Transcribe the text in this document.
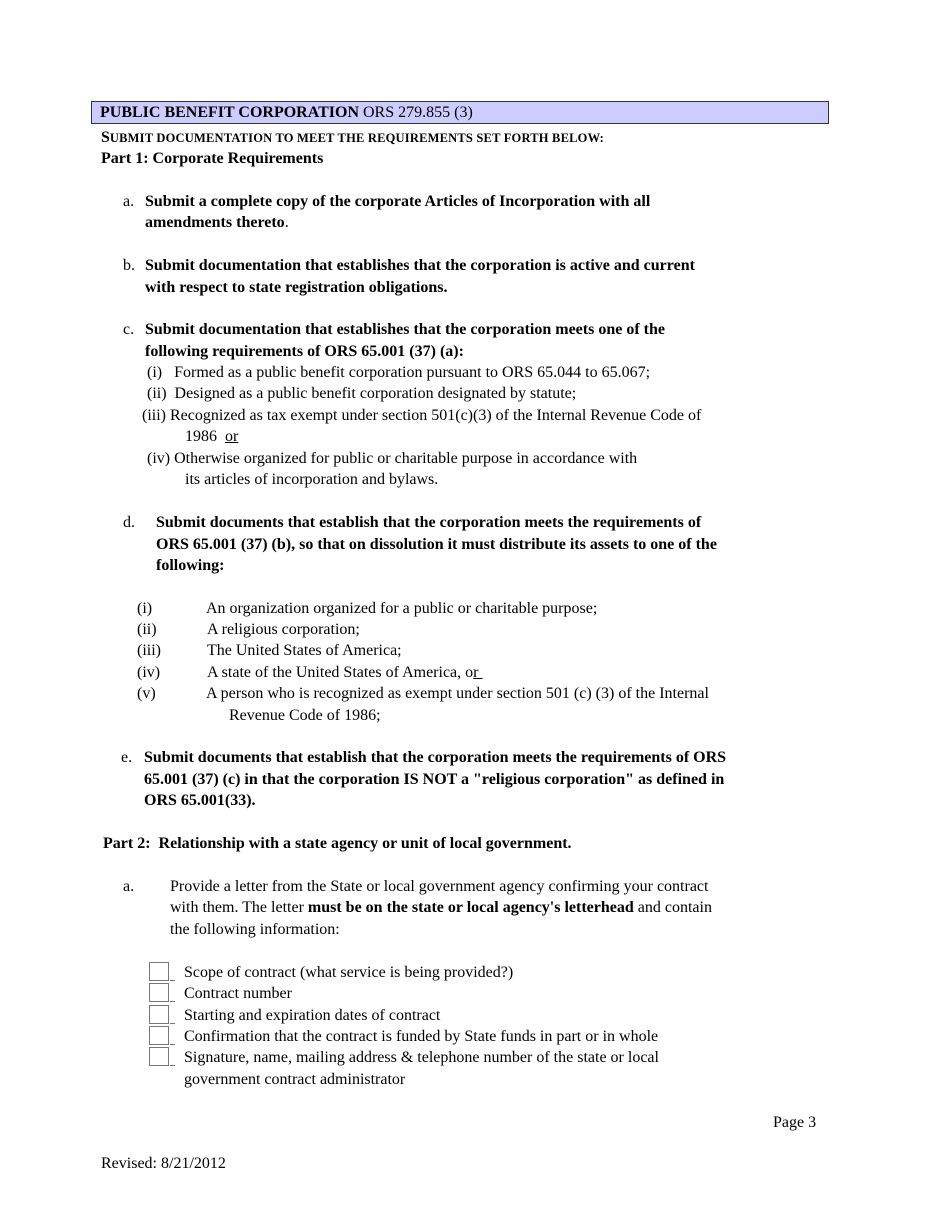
PUBLIC BENEFIT CORPORATION ORS 279.855 (3)
SUBMIT DOCUMENTATION TO MEET THE REQUIREMENTS SET FORTH BELOW:
Part 1: Corporate Requirements
a. Submit a complete copy of the corporate Articles of Incorporation with all
amendments thereto.
b. Submit documentation that establishes that the corporation is active and current
with respect to state registration obligations.
c. Submit documentation that establishes that the corporation meets one of the
following requirements of ORS 65.001 (37) (a):
(i)   Formed as a public benefit corporation pursuant to ORS 65.044 to 65.067;
(ii)  Designed as a public benefit corporation designated by statute;
(iii) Recognized as tax exempt under section 501(c)(3) of the Internal Revenue Code of
1986 or
(iv) Otherwise organized for public or charitable purpose in accordance with
its articles of incorporation and bylaws.
d. Submit documents that establish that the corporation meets the requirements of
ORS 65.001 (37) (b), so that on dissolution it must distribute its assets to one of the
following:
(i)	An organization organized for a public or charitable purpose;
(ii)	A religious corporation;
(iii)	The United States of America;
(iv)	A state of the United States of America, or
(v)	A person who is recognized as exempt under section 501 (c) (3) of the Internal
Revenue Code of 1986;
e. Submit documents that establish that the corporation meets the requirements of ORS
65.001 (37) (c) in that the corporation IS NOT a "religious corporation" as defined in
ORS 65.001(33).
Part 2:  Relationship with a state agency or unit of local government.
a. Provide a letter from the State or local government agency confirming your contract
with them. The letter must be on the state or local agency's letterhead and contain
the following information:
Scope of contract (what service is being provided?)
Contract number
Starting and expiration dates of contract
Confirmation that the contract is funded by State funds in part or in whole
Signature, name, mailing address & telephone number of the state or local
government contract administrator
Page 3
Revised: 8/21/2012
